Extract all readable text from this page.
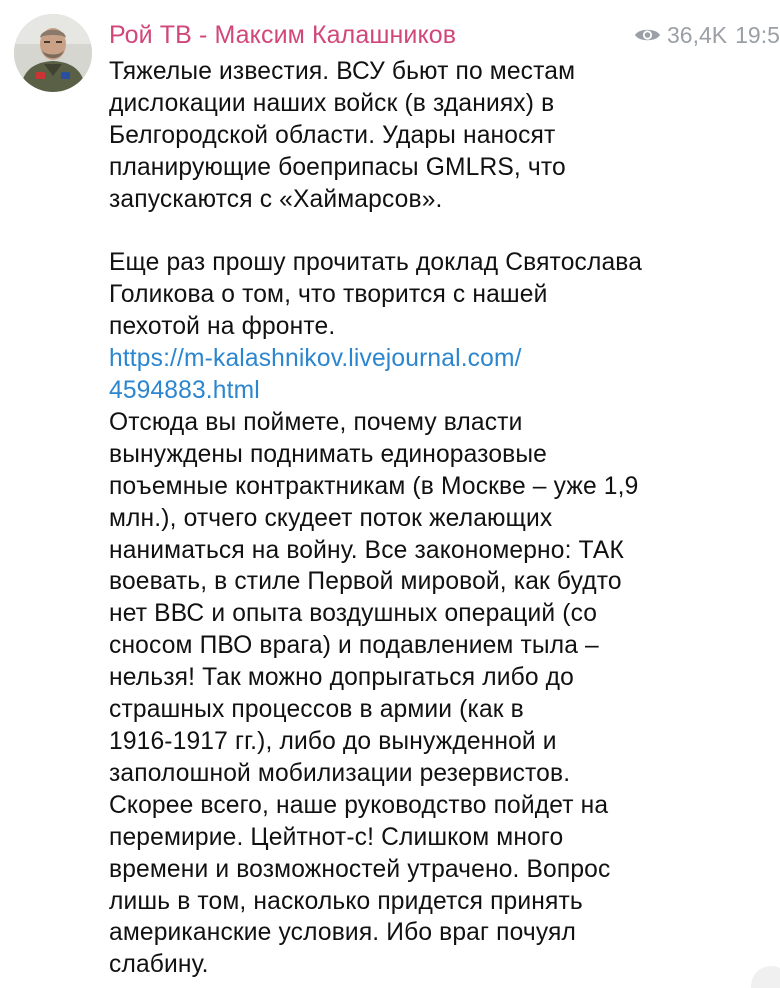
Рой ТВ - Максим Калашников	36,4K 19:5
Тяжелые известия. ВСУ бьют по местам
дислокации наших войск (в зданиях) в
Белгородской области. Удары наносят
планирующие боеприпасы GMLRS, что
запускаются с «Хаймарсов».
Еще раз прошу прочитать доклад Святослава
Голикова о том, что творится с нашей
пехотой на фронте.
https://m-kalashnikov.livejournal.com/
4594883.html
Отсюда вы поймете, почему власти
вынуждены поднимать единоразовые
поъемные контрактникам (в Москве – уже 1,9
млн.), отчего скудеет поток желающих
наниматься на войну. Все закономерно: ТАК
воевать, в стиле Первой мировой, как будто
нет ВВС и опыта воздушных операций (со
сносом ПВО врага) и подавлением тыла –
нельзя! Так можно допрыгаться либо до
страшных процессов в армии (как в
1916-1917 гг.), либо до вынужденной и
заполошной мобилизации резервистов.
Скорее всего, наше руководство пойдет на
перемирие. Цейтнот-с! Слишком много
времени и возможностей утрачено. Вопрос
лишь в том, насколько придется принять
американские условия. Ибо враг почуял
слабину.
